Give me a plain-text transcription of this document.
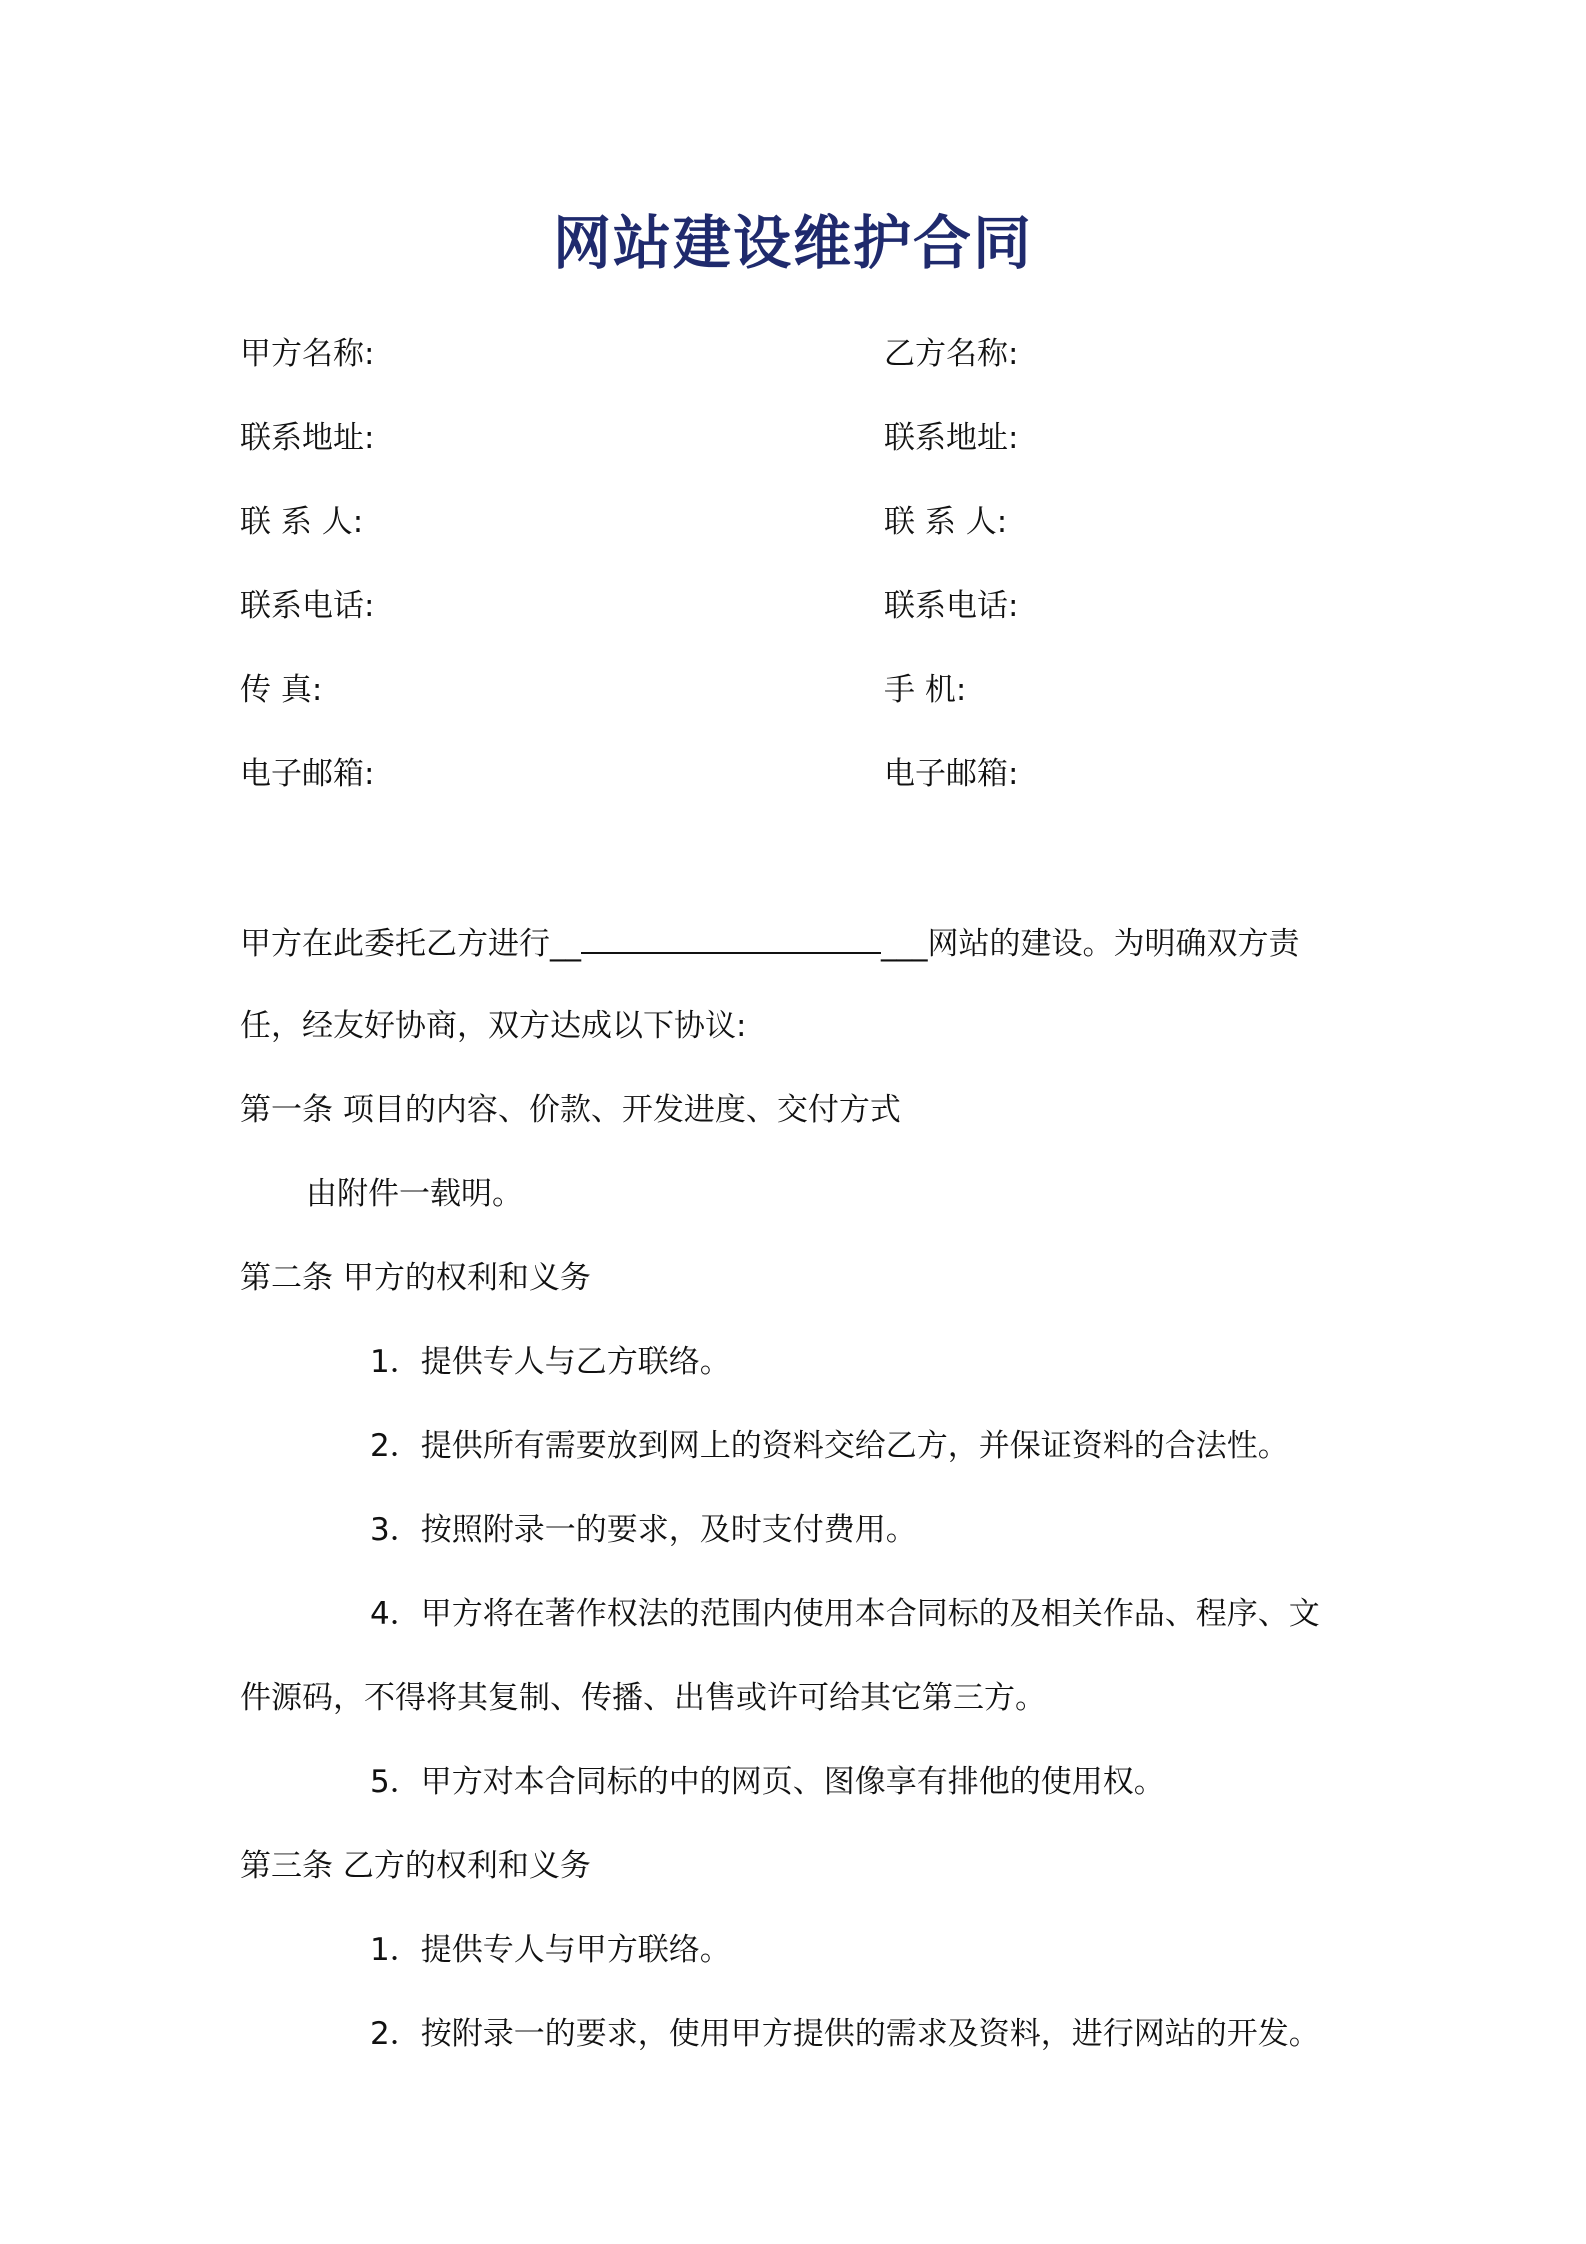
网站建设维护合同
甲方名称:
联系地址:
联 系 人:
联系电话:
传 真:
电子邮箱:
乙方名称:
联系地址:
联 系 人:
联系电话:
手 机:
电子邮箱:
甲方在此委托乙方进行__	___网站的建设。为明确双方责
任，经友好协商，双方达成以下协议:
第一条 项目的内容、价款、开发进度、交付方式
由附件一载明。
第二条 甲方的权利和义务
1．提供专人与乙方联络。
2．提供所有需要放到网上的资料交给乙方，并保证资料的合法性。
3．按照附录一的要求，及时支付费用。
4．甲方将在著作权法的范围内使用本合同标的及相关作品、程序、文
件源码，不得将其复制、传播、出售或许可给其它第三方。
5．甲方对本合同标的中的网页、图像享有排他的使用权。
第三条 乙方的权利和义务
1．提供专人与甲方联络。
2．按附录一的要求，使用甲方提供的需求及资料，进行网站的开发。
